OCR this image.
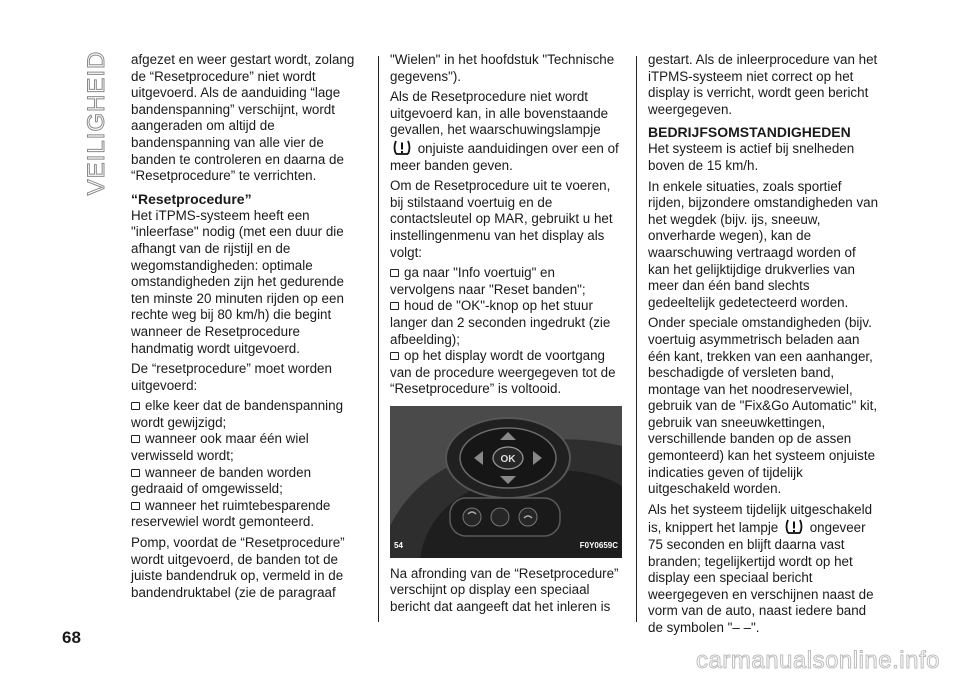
VEILIGHEID afgezet en weer gestart wordt, zolang de “Resetprocedure” niet wordt uitgevoerd. Als de aanduiding “lage bandenspanning” verschijnt, wordt aangeraden om altijd de bandenspanning van alle vier de banden te controleren en daarna de “Resetprocedure” te verrichten.

“Resetprocedure”

Het iTPMS-systeem heeft een "inleerfase" nodig (met een duur die afhangt van de rijstijl en de wegomstandigheden: optimale omstandigheden zijn het gedurende ten minste 20 minuten rijden op een rechte weg bij 80 km/h) die begint wanneer de Resetprocedure handmatig wordt uitgevoerd.

De “resetprocedure” moet worden uitgevoerd:

elke keer dat de bandenspanning wordt gewijzigd;

wanneer ook maar één wiel verwisseld wordt;

wanneer de banden worden gedraaid of omgewisseld;

wanneer het ruimtebesparende reservewiel wordt gemonteerd.

Pomp, voordat de “Resetprocedure” wordt uitgevoerd, de banden tot de juiste bandendruk op, vermeld in de bandendruktabel (zie de paragraaf

"Wielen" in het hoofdstuk "Technische gegevens").

Als de Resetprocedure niet wordt uitgevoerd kan, in alle bovenstaande gevallen, het waarschuwingslampje  onjuiste aanduidingen over een of meer banden geven.

Om de Resetprocedure uit te voeren, bij stilstaand voertuig en de contactsleutel op MAR, gebruikt u het instellingenmenu van het display als volgt:

ga naar "Info voertuig" en vervolgens naar "Reset banden";

houd de "OK"-knop op het stuur langer dan 2 seconden ingedrukt (zie afbeelding);

op het display wordt de voortgang van de procedure weergegeven tot de “Resetprocedure” is voltooid.

OK
54	F0Y0659C

Na afronding van de “Resetprocedure” verschijnt op display een speciaal bericht dat aangeeft dat het inleren is

gestart. Als de inleerprocedure van het iTPMS-systeem niet correct op het display is verricht, wordt geen bericht weergegeven.

BEDRIJFSOMSTANDIGHEDEN

Het systeem is actief bij snelheden boven de 15 km/h.

In enkele situaties, zoals sportief rijden, bijzondere omstandigheden van het wegdek (bijv. ijs, sneeuw, onverharde wegen), kan de waarschuwing vertraagd worden of kan het gelijktijdige drukverlies van meer dan één band slechts gedeeltelijk gedetecteerd worden.

Onder speciale omstandigheden (bijv. voertuig asymmetrisch beladen aan één kant, trekken van een aanhanger, beschadigde of versleten band, montage van het noodreservewiel, gebruik van de "Fix&Go Automatic" kit, gebruik van sneeuwkettingen, verschillende banden op de assen gemonteerd) kan het systeem onjuiste indicaties geven of tijdelijk uitgeschakeld worden.

Als het systeem tijdelijk uitgeschakeld is, knippert het lampje ongeveer 75 seconden en blijft daarna vast branden; tegelijkertijd wordt op het display een speciaal bericht weergegeven en verschijnen naast de vorm van de auto, naast iedere band de symbolen "– –".

68
carmanualsonline.info
